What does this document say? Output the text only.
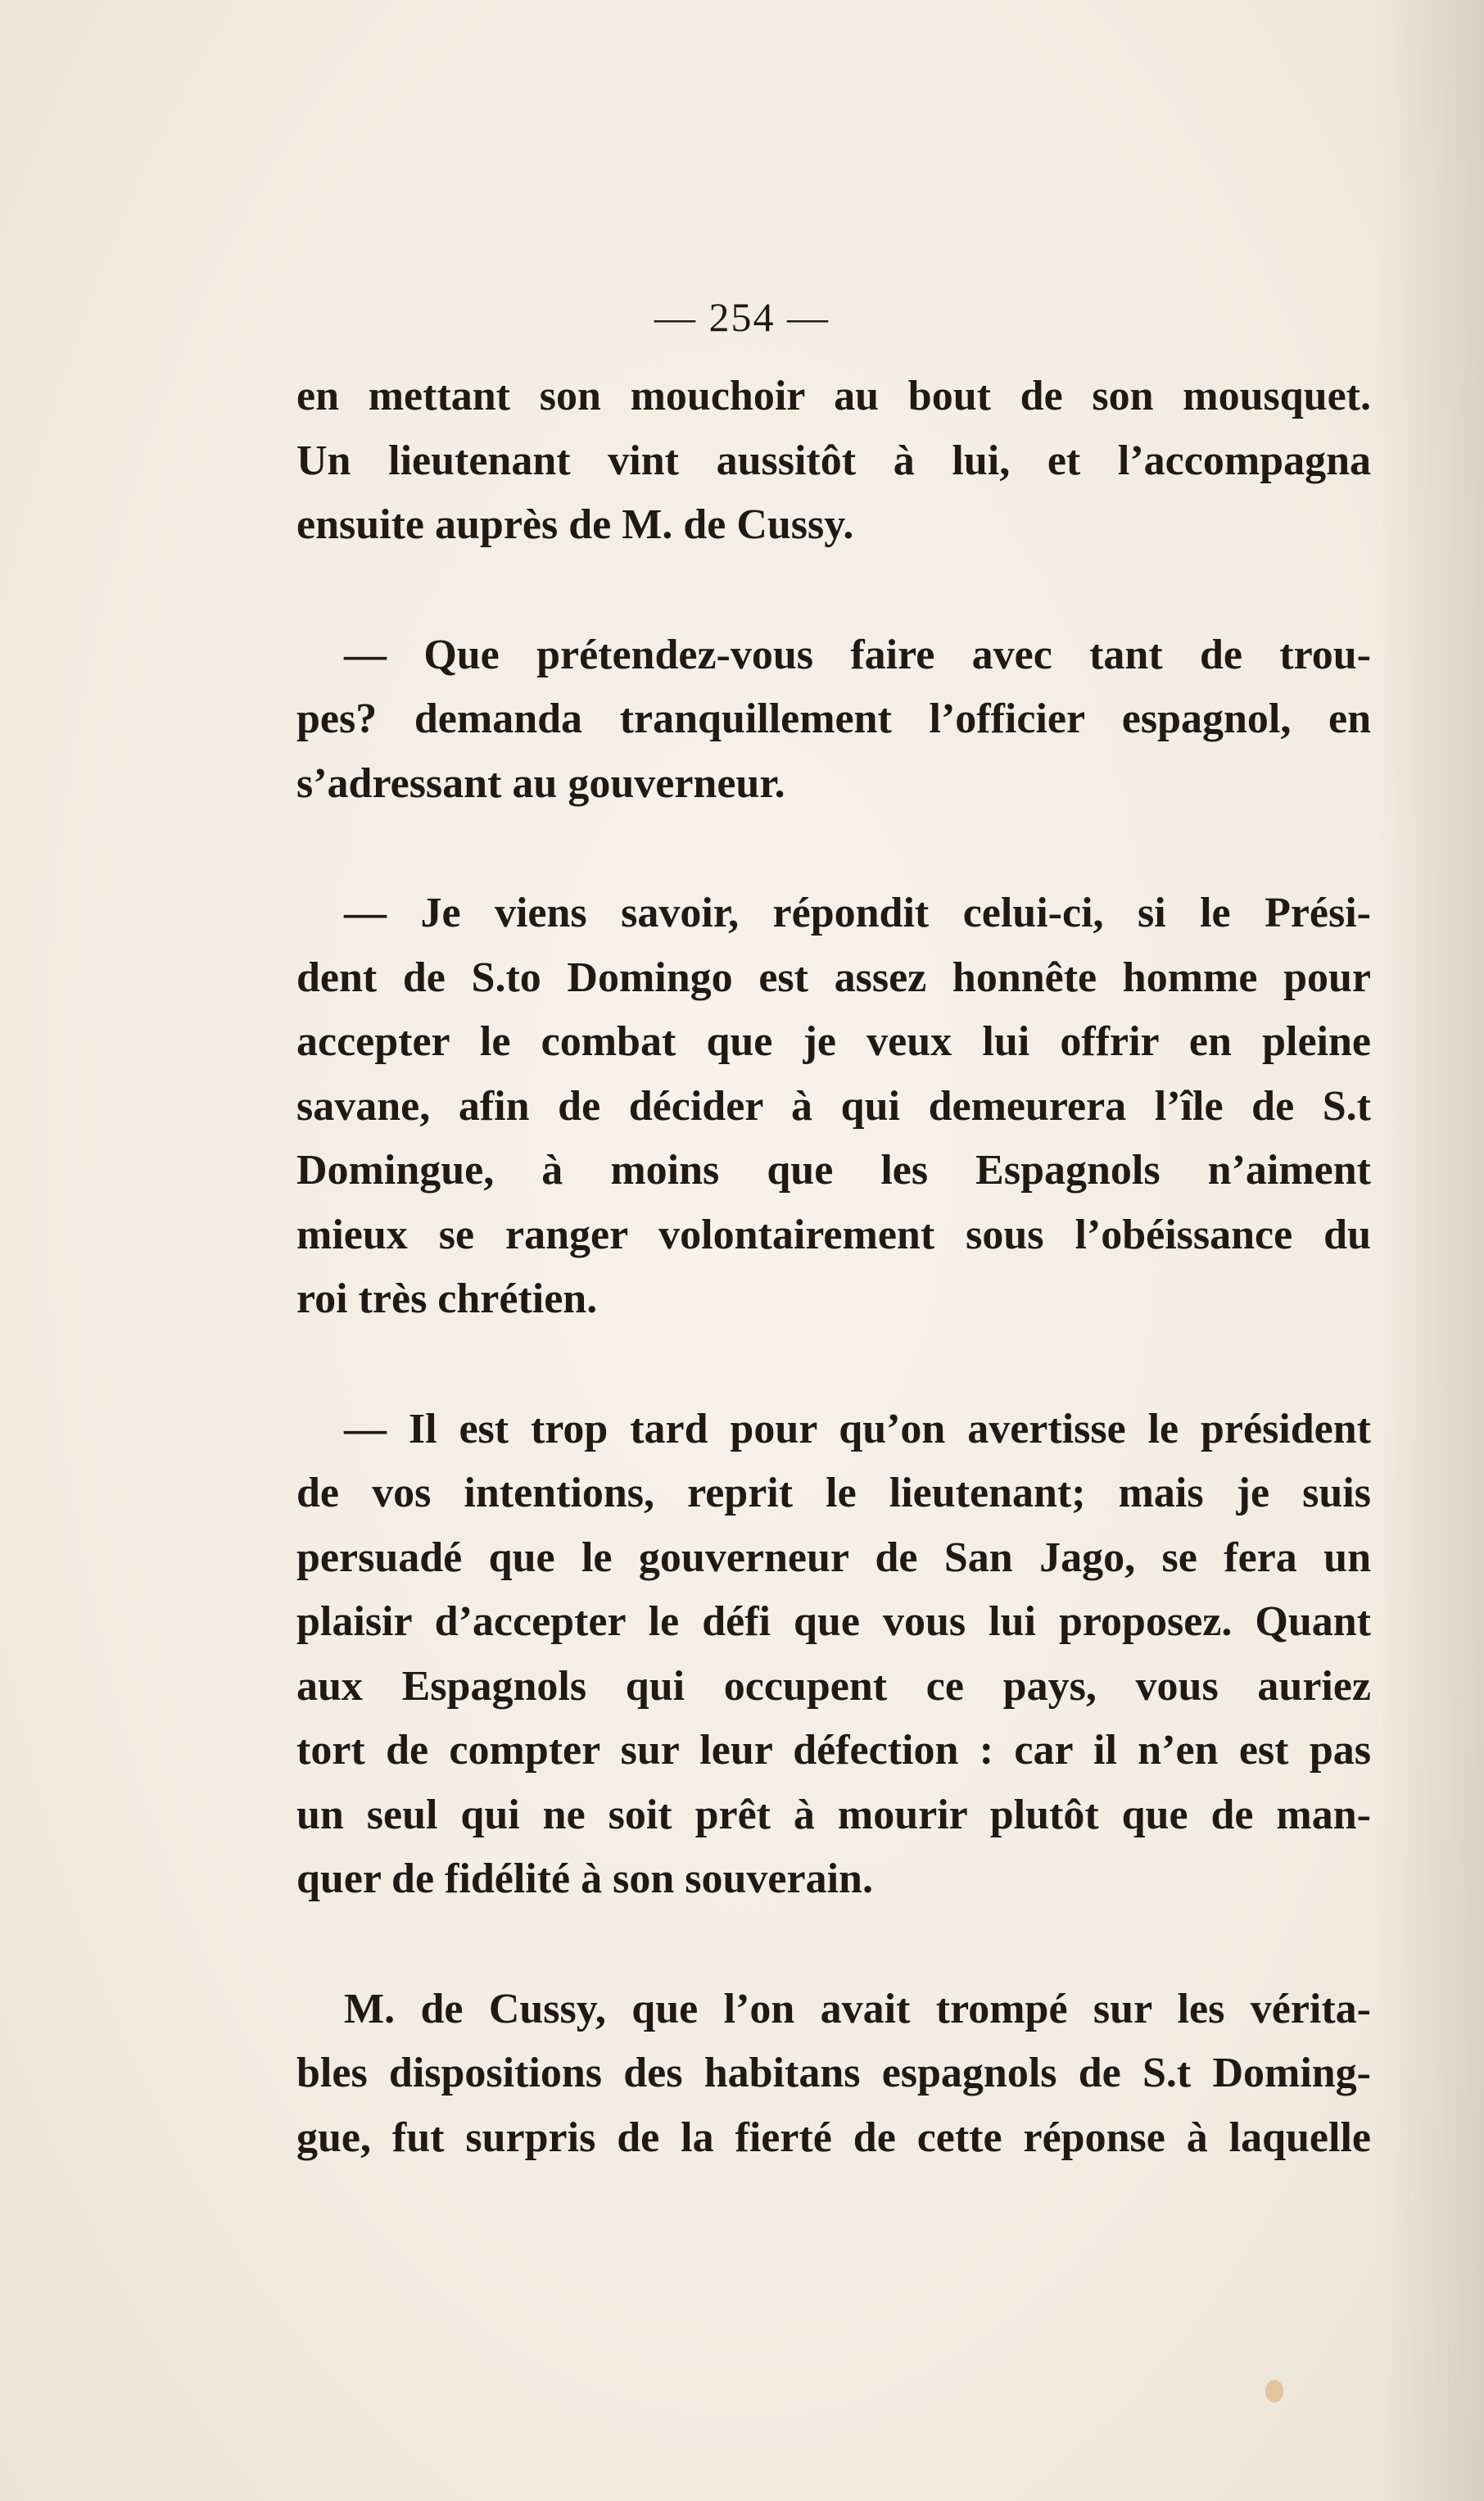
— 254 —
en mettant son mouchoir au bout de son mousquet.
Un lieutenant vint aussitôt à lui, et l’accompagna
ensuite auprès de M. de Cussy.
— Que prétendez-vous faire avec tant de trou-
pes? demanda tranquillement l’officier espagnol, en
s’adressant au gouverneur.
— Je viens savoir, répondit celui-ci, si le Prési-
dent de S.to Domingo est assez honnête homme pour
accepter le combat que je veux lui offrir en pleine
savane, afin de décider à qui demeurera l’île de S.t
Domingue, à moins que les Espagnols n’aiment
mieux se ranger volontairement sous l’obéissance du
roi très chrétien.
— Il est trop tard pour qu’on avertisse le président
de vos intentions, reprit le lieutenant; mais je suis
persuadé que le gouverneur de San Jago, se fera un
plaisir d’accepter le défi que vous lui proposez. Quant
aux Espagnols qui occupent ce pays, vous auriez
tort de compter sur leur défection : car il n’en est pas
un seul qui ne soit prêt à mourir plutôt que de man-
quer de fidélité à son souverain.
M. de Cussy, que l’on avait trompé sur les vérita-
bles dispositions des habitans espagnols de S.t Doming-
gue, fut surpris de la fierté de cette réponse à laquelle
